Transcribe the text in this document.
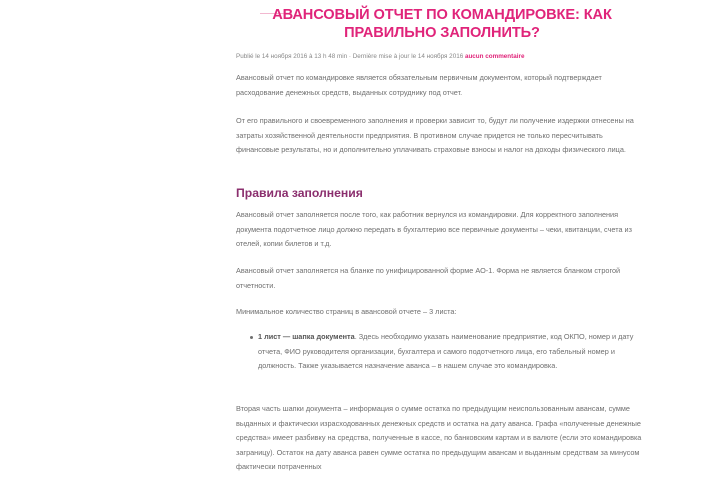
АВАНСОВЫЙ ОТЧЕТ ПО КОМАНДИРОВКЕ: КАК ПРАВИЛЬНО ЗАПОЛНИТЬ?
Publié le 14 ноября 2016 à 13 h 48 min · Dernière mise à jour le 14 ноября 2016 aucun commentaire

Авансовый отчет по командировке является обязательным первичным документом, который подтверждает расходование денежных средств, выданных сотруднику под отчет.

От его правильного и своевременного заполнения и проверки зависит то, будут ли получение издержки отнесены на затраты хозяйственной деятельности предприятия. В противном случае придется не только пересчитывать финансовые результаты, но и дополнительно уплачивать страховые взносы и налог на доходы физического лица.

Правила заполнения

Авансовый отчет заполняется после того, как работник вернулся из командировки. Для корректного заполнения документа подотчетное лицо должно передать в бухгалтерию все первичные документы – чеки, квитанции, счета из отелей, копии билетов и т.д.

Авансовый отчет заполняется на бланке по унифицированной форме АО-1. Форма не является бланком строгой отчетности.

Минимальное количество страниц в авансовой отчете – 3 листа:

1 лист — шапка документа. Здесь необходимо указать наименование предприятие, код ОКПО, номер и дату отчета, ФИО руководителя организации, бухгалтера и самого подотчетного лица, его табельный номер и должность. Также указывается назначение аванса – в нашем случае это командировка.

Вторая часть шапки документа – информация о сумме остатка по предыдущим неиспользованным авансам, сумме выданных и фактически израсходованных денежных средств и остатка на дату аванса. Графа «полученные денежные средства» имеет разбивку на средства, полученные в кассе, по банковским картам и в валюте (если это командировка заграницу). Остаток на дату аванса равен сумме остатка по предыдущим авансам и выданным средствам за минусом фактически потраченных
